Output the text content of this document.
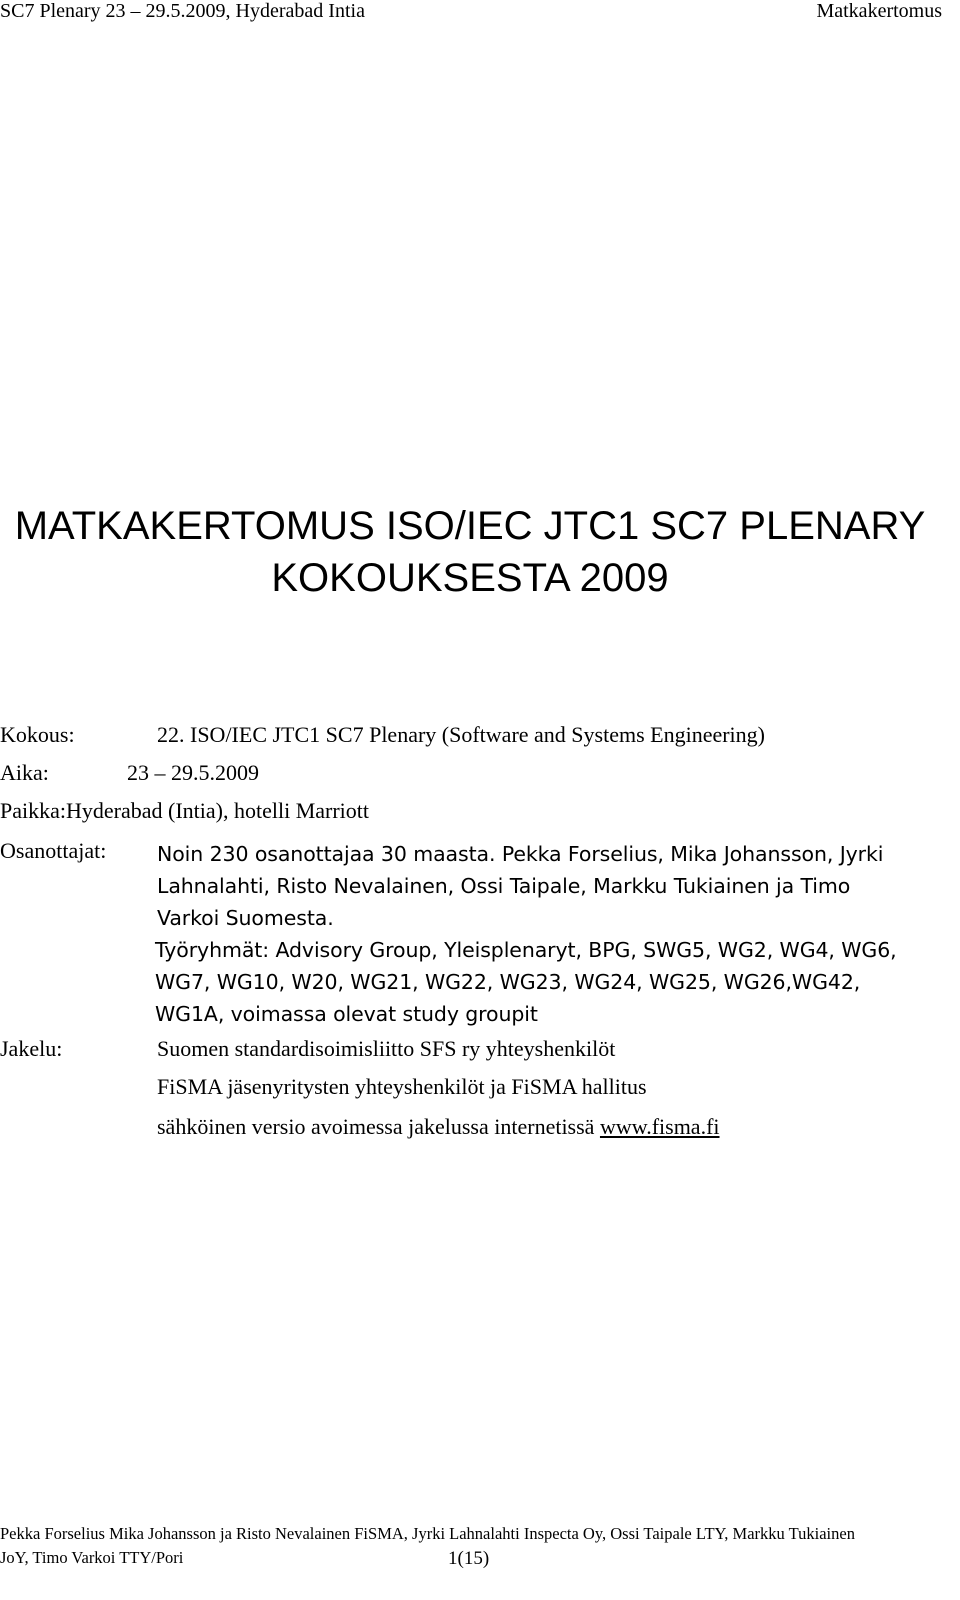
SC7 Plenary 23 – 29.5.2009, Hyderabad Intia	Matkakertomus
MATKAKERTOMUS ISO/IEC JTC1 SC7 PLENARY
KOKOUKSESTA 2009
Kokous:	22. ISO/IEC JTC1 SC7 Plenary (Software and Systems Engineering)
Aika:	23 – 29.5.2009
Paikka:Hyderabad (Intia), hotelli Marriott
Osanottajat: Noin 230 osanottajaa 30 maasta. Pekka Forselius, Mika Johansson, Jyrki Lahnalahti, Risto Nevalainen, Ossi Taipale, Markku Tukiainen ja Timo Varkoi Suomesta.
Työryhmät: Advisory Group, Yleisplenaryt, BPG, SWG5, WG2, WG4, WG6, WG7, WG10, W20, WG21, WG22, WG23, WG24, WG25, WG26,WG42, WG1A, voimassa olevat study groupit
Jakelu:	Suomen standardisoimisliitto SFS ry yhteyshenkilöt
FiSMA jäsenyritysten yhteyshenkilöt ja FiSMA hallitus
sähköinen versio avoimessa jakelussa internetissä www.fisma.fi
Pekka Forselius Mika Johansson ja Risto Nevalainen FiSMA, Jyrki Lahnalahti Inspecta Oy, Ossi Taipale LTY, Markku Tukiainen
JoY, Timo Varkoi TTY/Pori	1(15)
